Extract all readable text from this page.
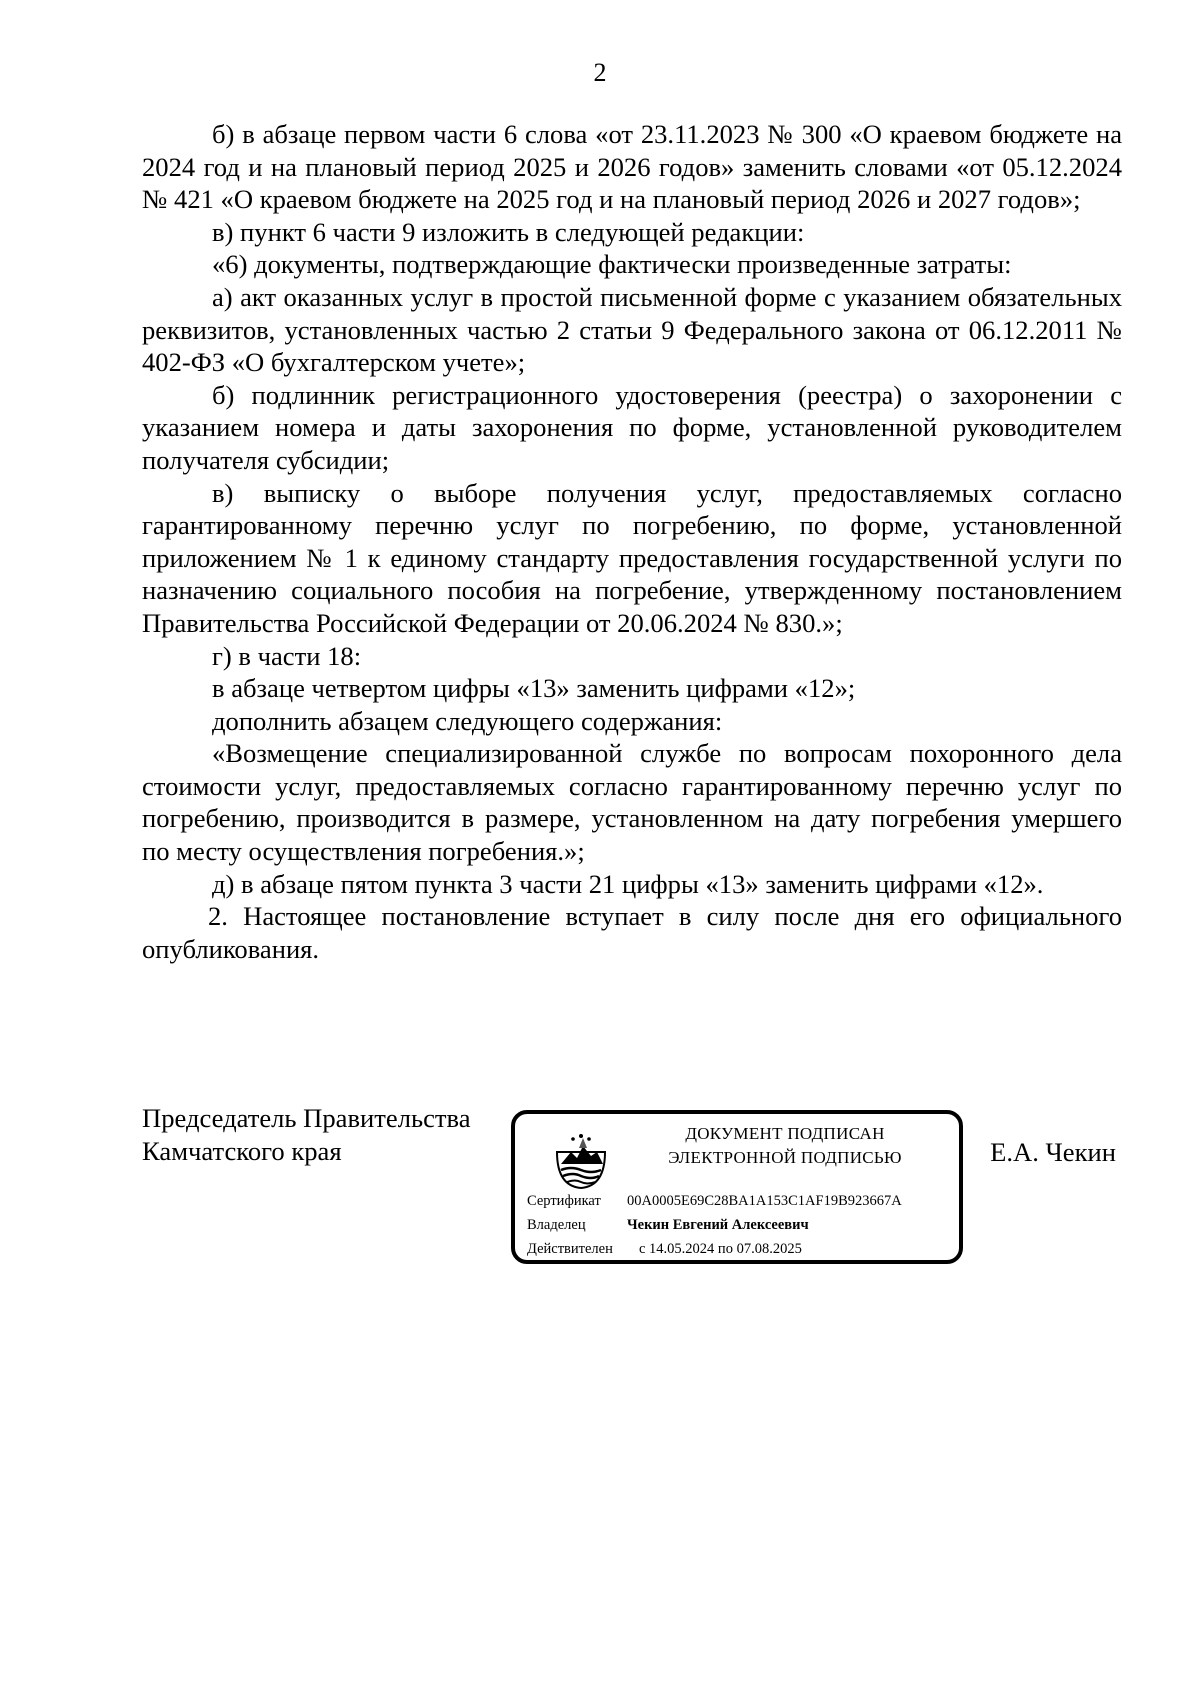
2

б) в абзаце первом части 6 слова «от 23.11.2023 № 300 «О краевом бюджете на 2024 год и на плановый период 2025 и 2026 годов» заменить словами «от 05.12.2024 № 421 «О краевом бюджете на 2025 год и на плановый период 2026 и 2027 годов»;

в) пункт 6 части 9 изложить в следующей редакции:

«6) документы, подтверждающие фактически произведенные затраты:

а) акт оказанных услуг в простой письменной форме с указанием обязательных реквизитов, установленных частью 2 статьи 9 Федерального закона от 06.12.2011 № 402-ФЗ «О бухгалтерском учете»;

б) подлинник регистрационного удостоверения (реестра) о захоронении с указанием номера и даты захоронения по форме, установленной руководителем получателя субсидии;

в) выписку о выборе получения услуг, предоставляемых согласно гарантированному перечню услуг по погребению, по форме, установленной приложением № 1 к единому стандарту предоставления государственной услуги по назначению социального пособия на погребение, утвержденному постановлением Правительства Российской Федерации от 20.06.2024 № 830.»;

г) в части 18:

в абзаце четвертом цифры «13» заменить цифрами «12»;

дополнить абзацем следующего содержания:

«Возмещение специализированной службе по вопросам похоронного дела стоимости услуг, предоставляемых согласно гарантированному перечню услуг по погребению, производится в размере, установленном на дату погребения умершего по месту осуществления погребения.»;

д) в абзаце пятом пункта 3 части 21 цифры «13» заменить цифрами «12».

2. Настоящее постановление вступает в силу после дня его официального опубликования.

Председатель Правительства
Камчатского края
ДОКУМЕНТ ПОДПИСАН
ЭЛЕКТРОННОЙ ПОДПИСЬЮ
Сертификат 00A0005E69C28BA1A153C1AF19B923667A
Владелец	Чекин Евгений Алексеевич
Действителен с 14.05.2024 по 07.08.2025
Е.А. Чекин
